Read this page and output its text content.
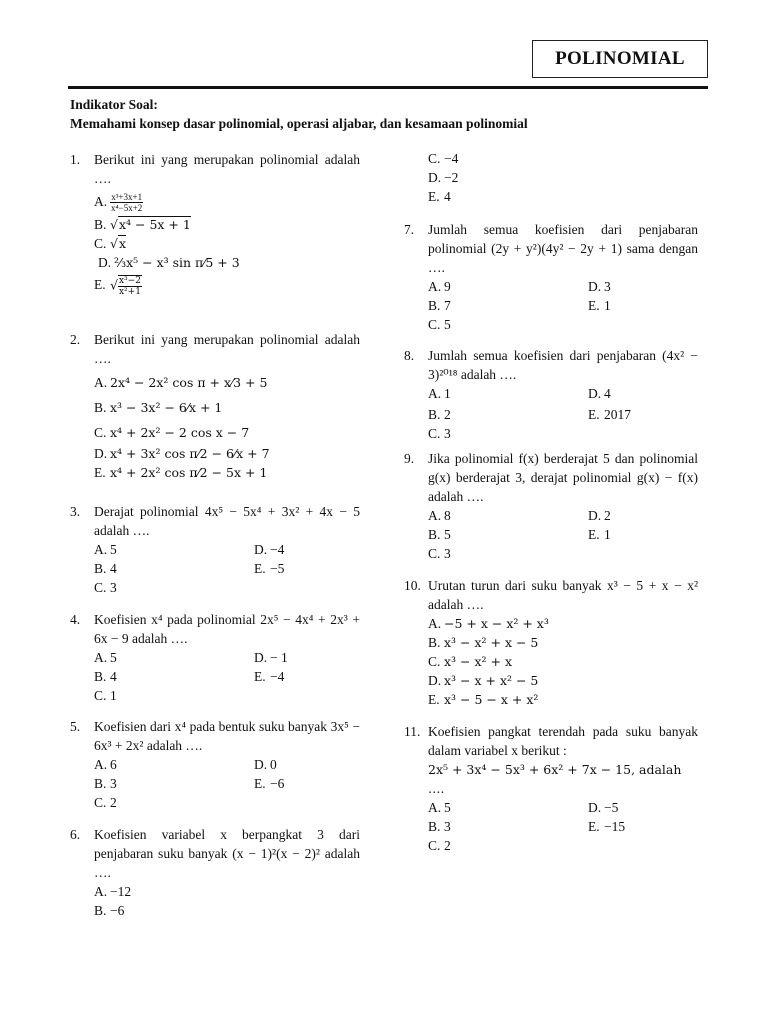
POLINOMIAL
Indikator Soal:
Memahami konsep dasar polinomial, operasi aljabar, dan kesamaan polinomial
1.	Berikut ini yang merupakan polinomial adalah ….
A. $\frac{\text{x³+3x+1}}{\text{x⁴−5x+2}}$
B. √x⁴ − 5x + 1
C. √x
D. ²⁄₃x⁵ − x³ sin π⁄5 + 3
E. √ $\frac{\text{x³−2}}{\text{x²+1}}$
2.	Berikut ini yang merupakan polinomial adalah ….
A. 2x⁴ − 2x² cos π + x⁄3 + 5
B. x³ − 3x² − 6⁄x + 1
C. x⁴ + 2x² − 2 cos x − 7
D. x⁴ + 3x² cos π⁄2 − 6⁄x + 7
E. x⁴ + 2x² cos π⁄2 − 5x + 1
3.	Derajat polinomial 4x⁵ − 5x⁴ + 3x² + 4x − 5 adalah ….
A. 5	D. −4
B. 4	E. −5
C. 3
4.	Koefisien x⁴ pada polinomial 2x⁵ − 4x⁴ + 2x³ + 6x − 9 adalah ….
A. 5	D. − 1
B. 4	E. −4
C. 1
5.	Koefisien dari x⁴ pada bentuk suku banyak 3x⁵ − 6x³ + 2x² adalah ….
A. 6	D. 0
B. 3	E. −6
C. 2
6.	Koefisien variabel x berpangkat 3 dari penjabaran suku banyak (x − 1)²(x − 2)² adalah ….
A. −12
B. −6
C. −4
D. −2
E. 4
7.	Jumlah semua koefisien dari penjabaran polinomial (2y + y²)(4y² − 2y + 1) sama dengan ….
A. 9	D. 3
B. 7	E. 1
C. 5
8.	Jumlah semua koefisien dari penjabaran (4x² − 3)²⁰¹⁸ adalah ….
A. 1	D. 4
B. 2	E. 2017
C. 3
9.	Jika polinomial f(x) berderajat 5 dan polinomial g(x) berderajat 3, derajat polinomial g(x) − f(x) adalah ….
A. 8	D. 2
B. 5	E. 1
C. 3
10. Urutan turun dari suku banyak x³ − 5 + x − x² adalah ….
A. −5 + x − x² + x³
B. x³ − x² + x − 5
C. x³ − x² + x
D. x³ − x + x² − 5
E. x³ − 5 − x + x²
11. Koefisien pangkat terendah pada suku banyak dalam variabel x berikut :
2x⁵ + 3x⁴ − 5x³ + 6x² + 7x − 15, adalah ….
A. 5	D. −5
B. 3	E. −15
C. 2
